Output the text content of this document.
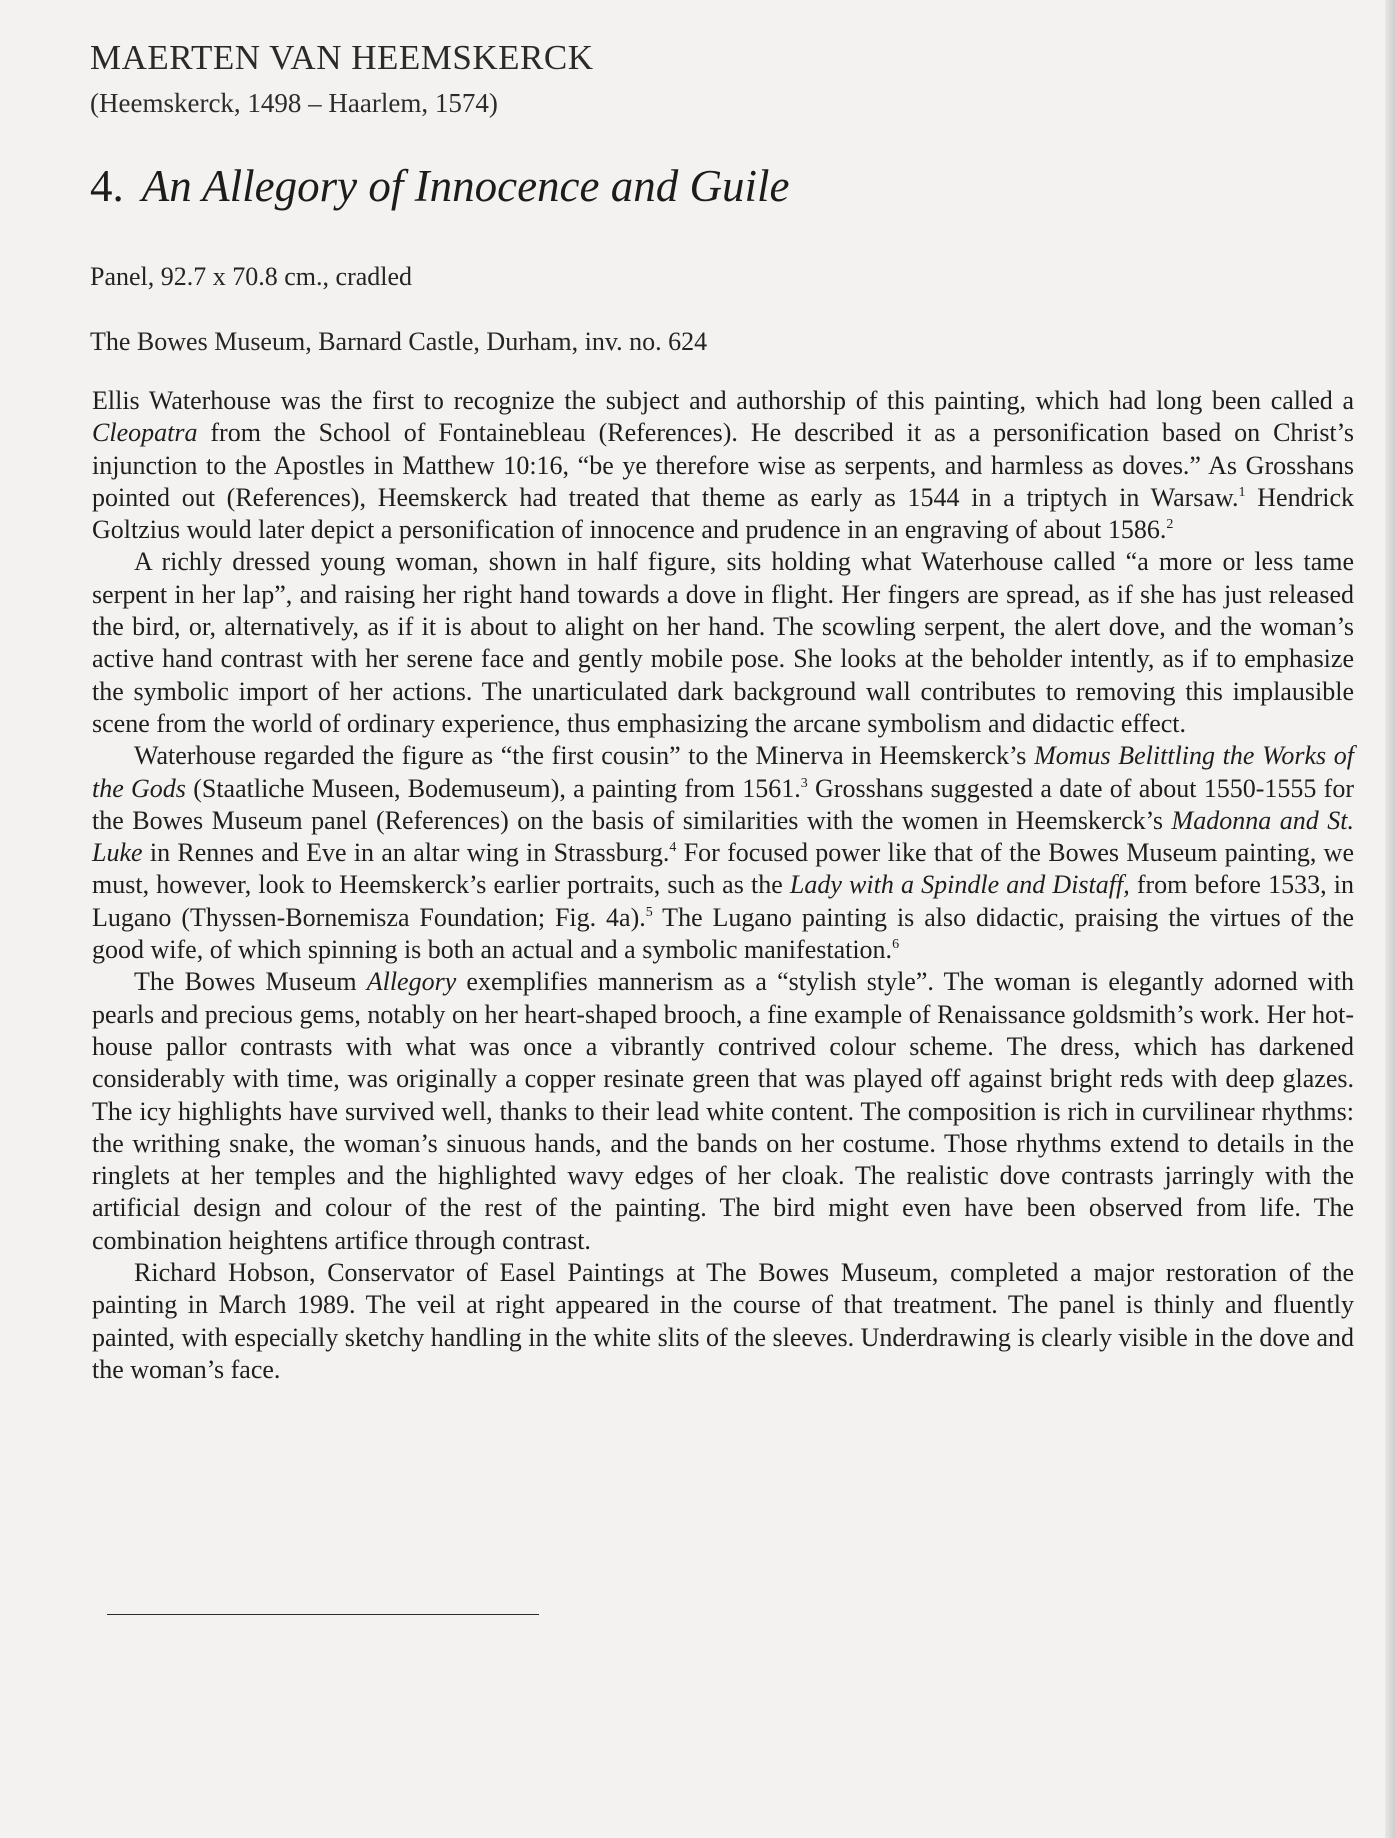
MAERTEN VAN HEEMSKERCK
(Heemskerck, 1498 – Haarlem, 1574)
4. An Allegory of Innocence and Guile
Panel, 92.7 x 70.8 cm., cradled
The Bowes Museum, Barnard Castle, Durham, inv. no. 624

Ellis Waterhouse was the first to recognize the subject and authorship of this painting, which had long been called a Cleopatra from the School of Fontainebleau (References). He described it as a personification based on Christ’s injunction to the Apostles in Matthew 10:16, “be ye therefore wise as serpents, and harmless as doves.” As Grosshans pointed out (References), Heemskerck had treated that theme as early as 1544 in a triptych in Warsaw.$^1$ Hendrick Goltzius would later depict a personification of innocence and prudence in an engraving of about 1586.$^2$

A richly dressed young woman, shown in half figure, sits holding what Waterhouse called “a more or less tame serpent in her lap”, and raising her right hand towards a dove in flight. Her fingers are spread, as if she has just released the bird, or, alternatively, as if it is about to alight on her hand. The scowling serpent, the alert dove, and the woman’s active hand contrast with her serene face and gently mobile pose. She looks at the beholder intently, as if to emphasize the symbolic import of her actions. The unarticulated dark background wall contributes to removing this implausible scene from the world of ordinary experience, thus emphasizing the arcane symbolism and didactic effect.

Waterhouse regarded the figure as “the first cousin” to the Minerva in Heemskerck’s Momus Belittling the Works of the Gods (Staatliche Museen, Bodemuseum), a painting from 1561.$^3$ Grosshans suggested a date of about 1550-1555 for the Bowes Museum panel (References) on the basis of similarities with the women in Heemskerck’s Madonna and St. Luke in Rennes and Eve in an altar wing in Strassburg.$^4$ For focused power like that of the Bowes Museum painting, we must, however, look to Heemskerck’s earlier portraits, such as the Lady with a Spindle and Distaff, from before 1533, in Lugano (Thyssen-Bornemisza Foundation; Fig. 4a).$^5$ The Lugano painting is also didactic, praising the virtues of the good wife, of which spinning is both an actual and a symbolic manifestation.$^6$

The Bowes Museum Allegory exemplifies mannerism as a “stylish style”. The woman is elegantly adorned with pearls and precious gems, notably on her heart-shaped brooch, a fine example of Renaissance goldsmith’s work. Her hot-house pallor contrasts with what was once a vibrantly contrived colour scheme. The dress, which has darkened considerably with time, was originally a copper resinate green that was played off against bright reds with deep glazes. The icy highlights have survived well, thanks to their lead white content. The composition is rich in curvilinear rhythms: the writhing snake, the woman’s sinuous hands, and the bands on her costume. Those rhythms extend to details in the ringlets at her temples and the highlighted wavy edges of her cloak. The realistic dove contrasts jarringly with the artificial design and colour of the rest of the painting. The bird might even have been observed from life. The combination heightens artifice through contrast.

Richard Hobson, Conservator of Easel Paintings at The Bowes Museum, completed a major restoration of the painting in March 1989. The veil at right appeared in the course of that treatment. The panel is thinly and fluently painted, with especially sketchy handling in the white slits of the sleeves. Underdrawing is clearly visible in the dove and the woman’s face.
